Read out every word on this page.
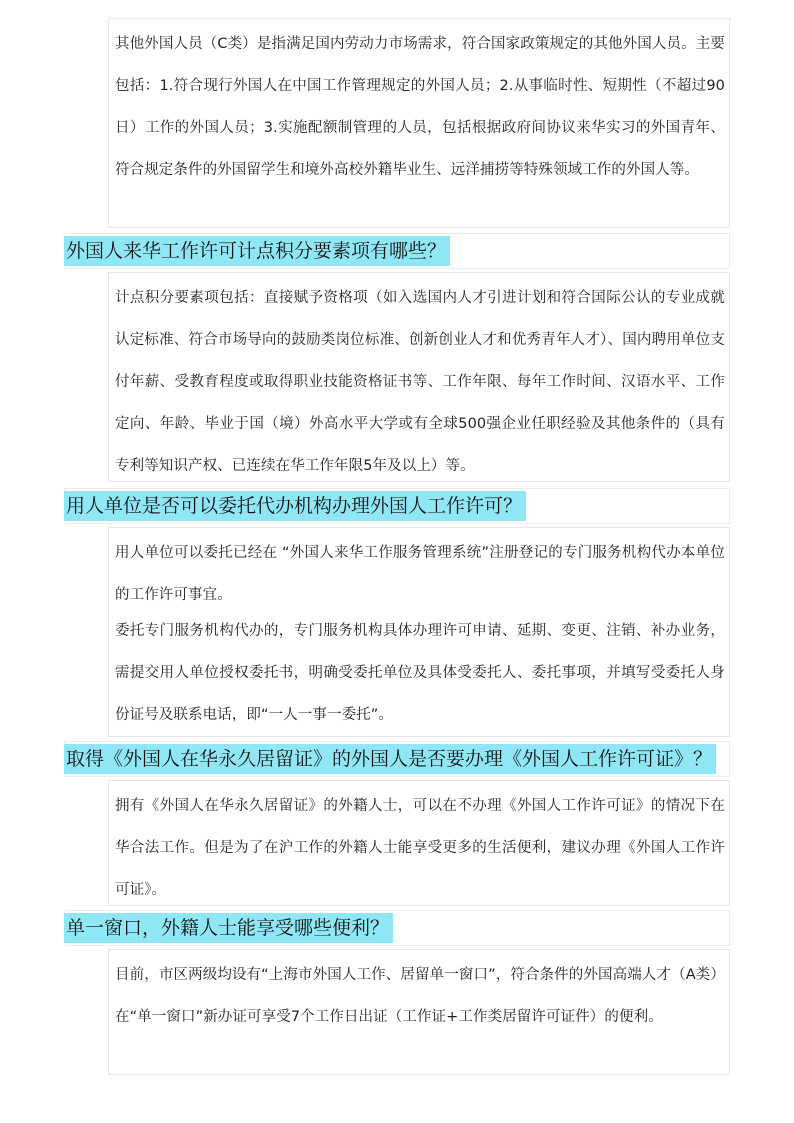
其他外国人员（C类）是指满足国内劳动力市场需求，符合国家政策规定的其他外国人员。主要包括：1.符合现行外国人在中国工作管理规定的外国人员；2.从事临时性、短期性（不超过90日）工作的外国人员；3.实施配额制管理的人员，包括根据政府间协议来华实习的外国青年、符合规定条件的外国留学生和境外高校外籍毕业生、远洋捕捞等特殊领域工作的外国人等。

外国人来华工作许可计点积分要素项有哪些？

计点积分要素项包括：直接赋予资格项（如入选国内人才引进计划和符合国际公认的专业成就认定标准、符合市场导向的鼓励类岗位标准、创新创业人才和优秀青年人才）、国内聘用单位支付年薪、受教育程度或取得职业技能资格证书等、工作年限、每年工作时间、汉语水平、工作定向、年龄、毕业于国（境）外高水平大学或有全球500强企业任职经验及其他条件的（具有专利等知识产权、已连续在华工作年限5年及以上）等。

用人单位是否可以委托代办机构办理外国人工作许可？

用人单位可以委托已经在 “外国人来华工作服务管理系统”注册登记的专门服务机构代办本单位的工作许可事宜。

委托专门服务机构代办的，专门服务机构具体办理许可申请、延期、变更、注销、补办业务，需提交用人单位授权委托书，明确受委托单位及具体受委托人、委托事项，并填写受委托人身份证号及联系电话，即“一人一事一委托”。

取得《外国人在华永久居留证》的外国人是否要办理《外国人工作许可证》？

拥有《外国人在华永久居留证》的外籍人士，可以在不办理《外国人工作许可证》的情况下在华合法工作。但是为了在沪工作的外籍人士能享受更多的生活便利，建议办理《外国人工作许可证》。

单一窗口，外籍人士能享受哪些便利？

目前，市区两级均设有“上海市外国人工作、居留单一窗口”，符合条件的外国高端人才（A类）在“单一窗口”新办证可享受7个工作日出证（工作证+工作类居留许可证件）的便利。
